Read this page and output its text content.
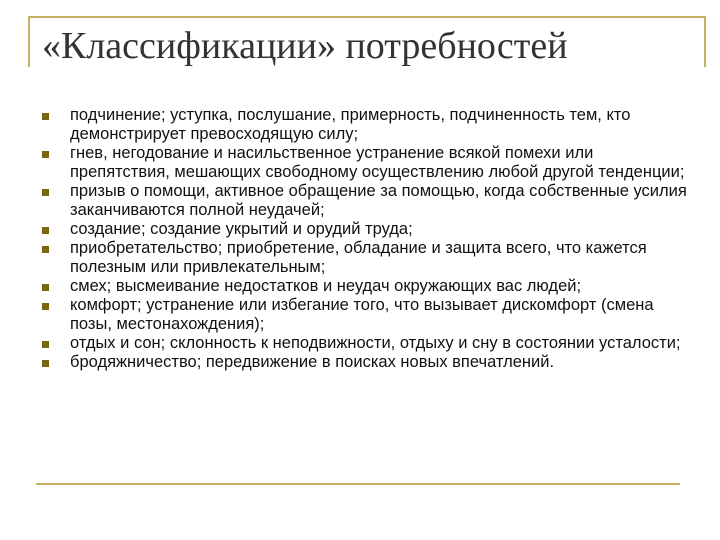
«Классификации» потребностей
подчинение; уступка, послушание, примерность, подчиненность тем, кто демонстрирует превосходящую силу;
гнев, негодование и насильственное устранение всякой помехи или препятствия, мешающих свободному осуществлению любой другой тенденции;
призыв о помощи, активное обращение за помощью, когда собственные усилия заканчиваются полной неудачей;
создание; создание укрытий и орудий труда;
приобретательство; приобретение, обладание и защита всего, что кажется полезным или привлекательным;
смех; высмеивание недостатков и неудач окружающих вас людей;
комфорт; устранение или избегание того, что вызывает дискомфорт (смена позы, местонахождения);
отдых и сон; склонность к неподвижности, отдыху и сну в состоянии усталости;
бродяжничество; передвижение в поисках новых впечатлений.
